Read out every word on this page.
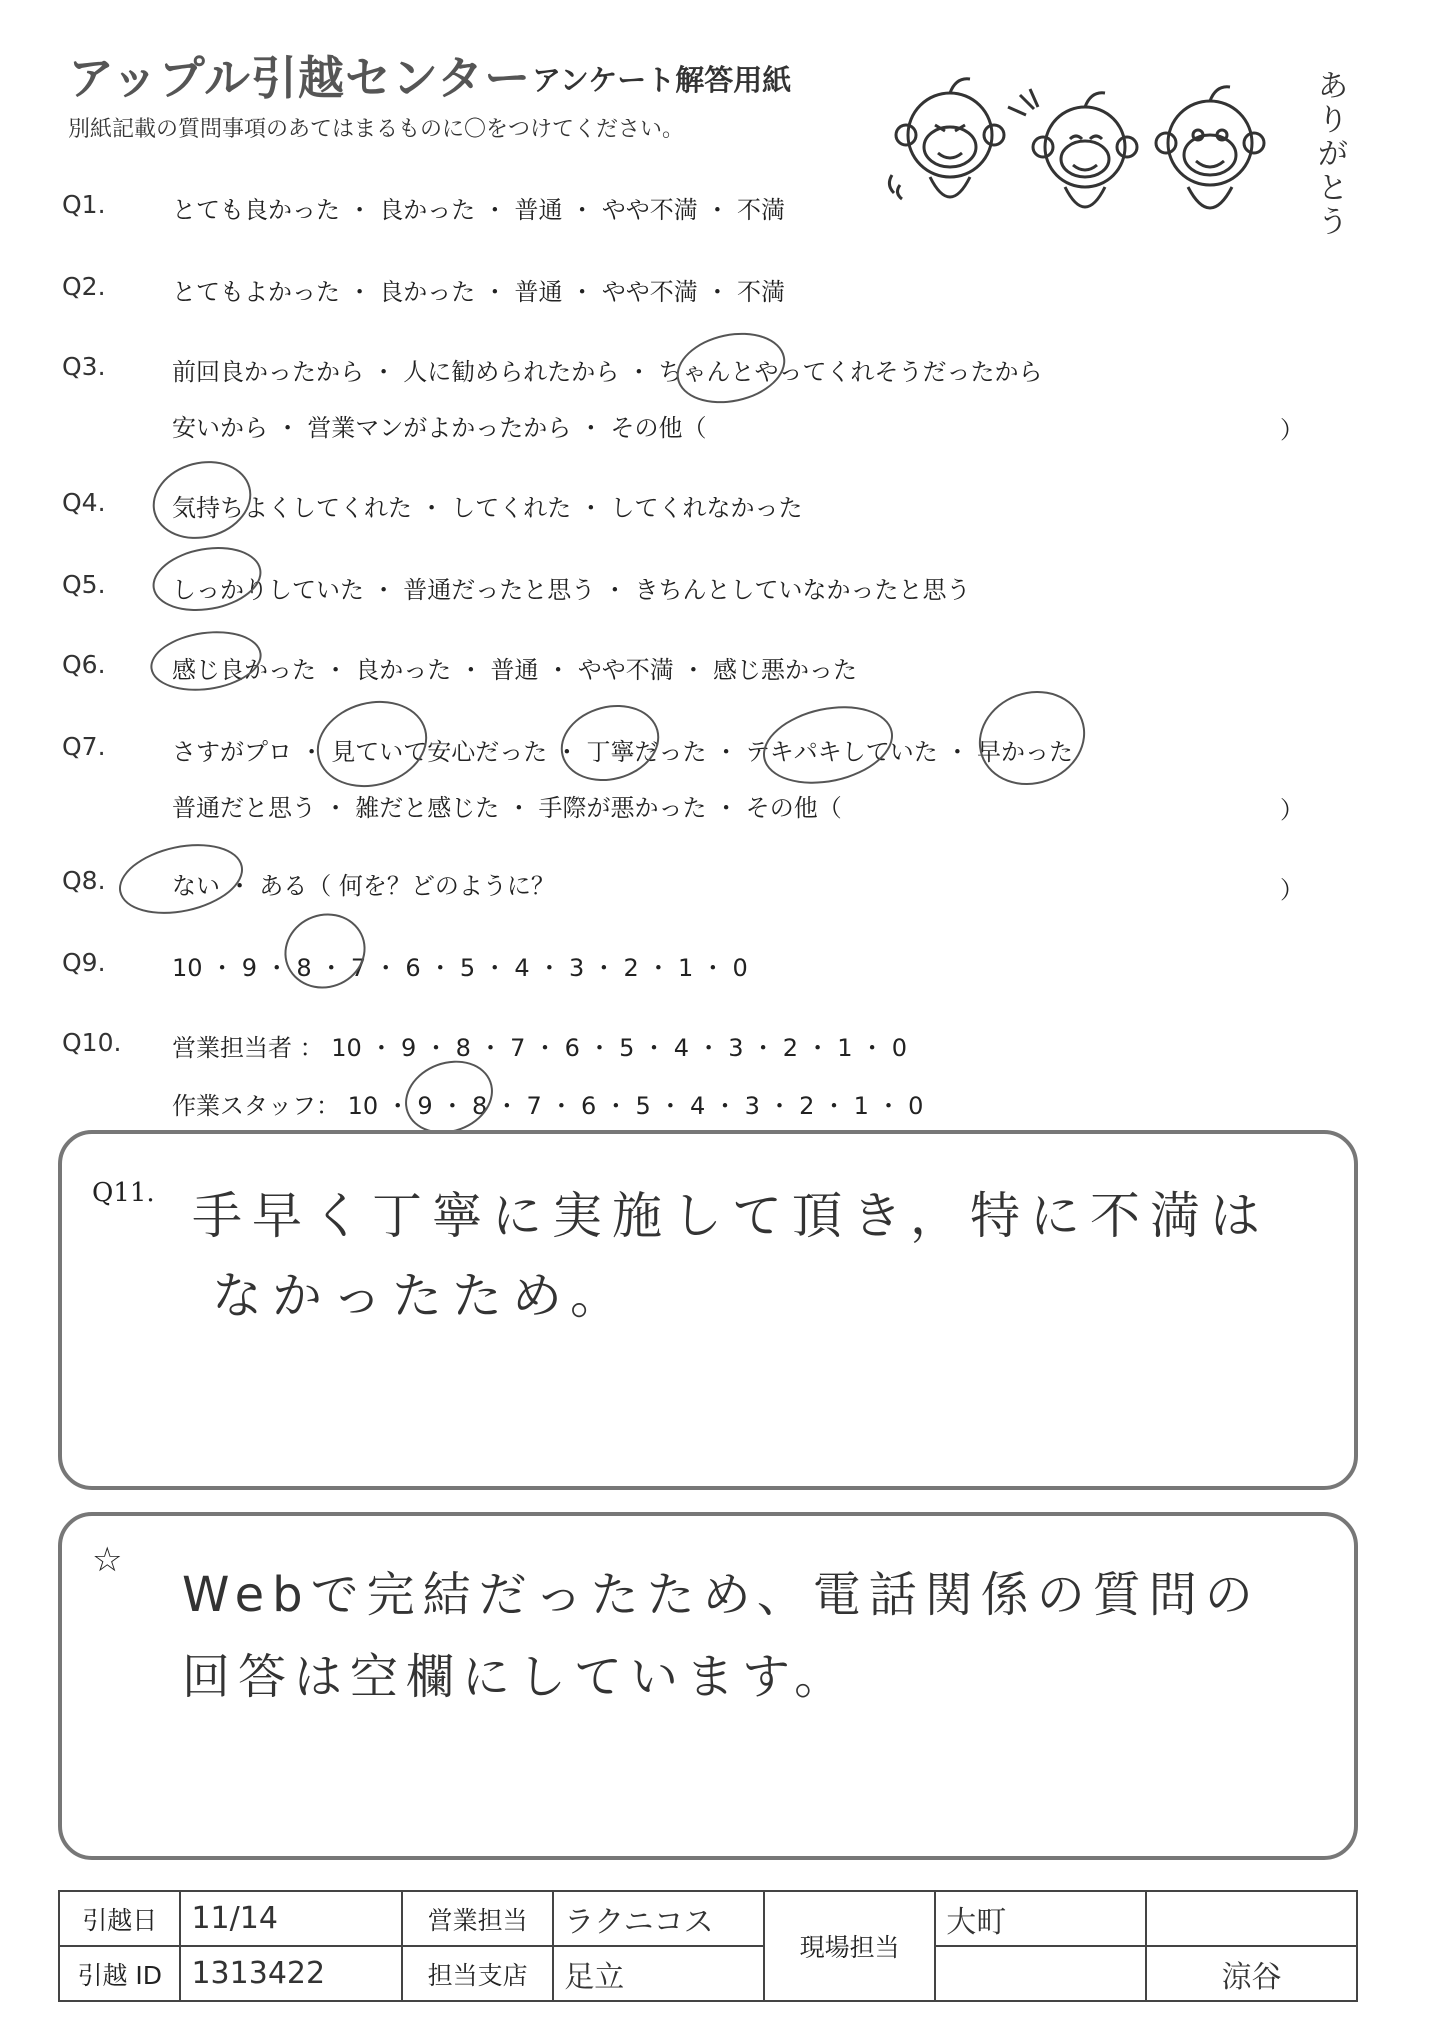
アップル引越センター アンケート解答用紙
別紙記載の質問事項のあてはまるものに〇をつけてください。
ありがとう
Q1.	とても良かった ・ 良かった ・ 普通 ・ やや不満 ・ 不満
Q2.	とてもよかった ・ 良かった ・ 普通 ・ やや不満 ・ 不満
Q3.	前回良かったから ・ 人に勧められたから ・ ちゃんとやってくれそうだったから
安いから ・ 営業マンがよかったから ・ その他（	）
Q4.	気持ちよくしてくれた ・ してくれた ・ してくれなかった
Q5.	しっかりしていた ・ 普通だったと思う ・ きちんとしていなかったと思う
Q6.	感じ良かった ・ 良かった ・ 普通 ・ やや不満 ・ 感じ悪かった
Q7.	さすがプロ ・ 見ていて安心だった ・ 丁寧だった ・ テキパキしていた ・ 早かった
普通だと思う ・ 雑だと感じた ・ 手際が悪かった ・ その他（	）
Q8.	ない ・ ある（ 何を？どのように？	）
Q9.	10 ・ 9 ・ 8 ・ 7 ・ 6 ・ 5 ・ 4 ・ 3 ・ 2 ・ 1 ・ 0
Q10. 営業担当者 ： 10 ・ 9 ・ 8 ・ 7 ・ 6 ・ 5 ・ 4 ・ 3 ・ 2 ・ 1 ・ 0
作業スタッフ： 10 ・ 9 ・ 8 ・ 7 ・ 6 ・ 5 ・ 4 ・ 3 ・ 2 ・ 1 ・ 0
Q11. 手早く丁寧に実施して頂き，特に不満は
なかったため。
☆
Webで完結だったため、電話関係の質問の
回答は空欄にしています。
引越日	11/14	営業担当	ラクニコス	現場担当	大町	
引越 ID	1313422	担当支店	足立			涼谷
